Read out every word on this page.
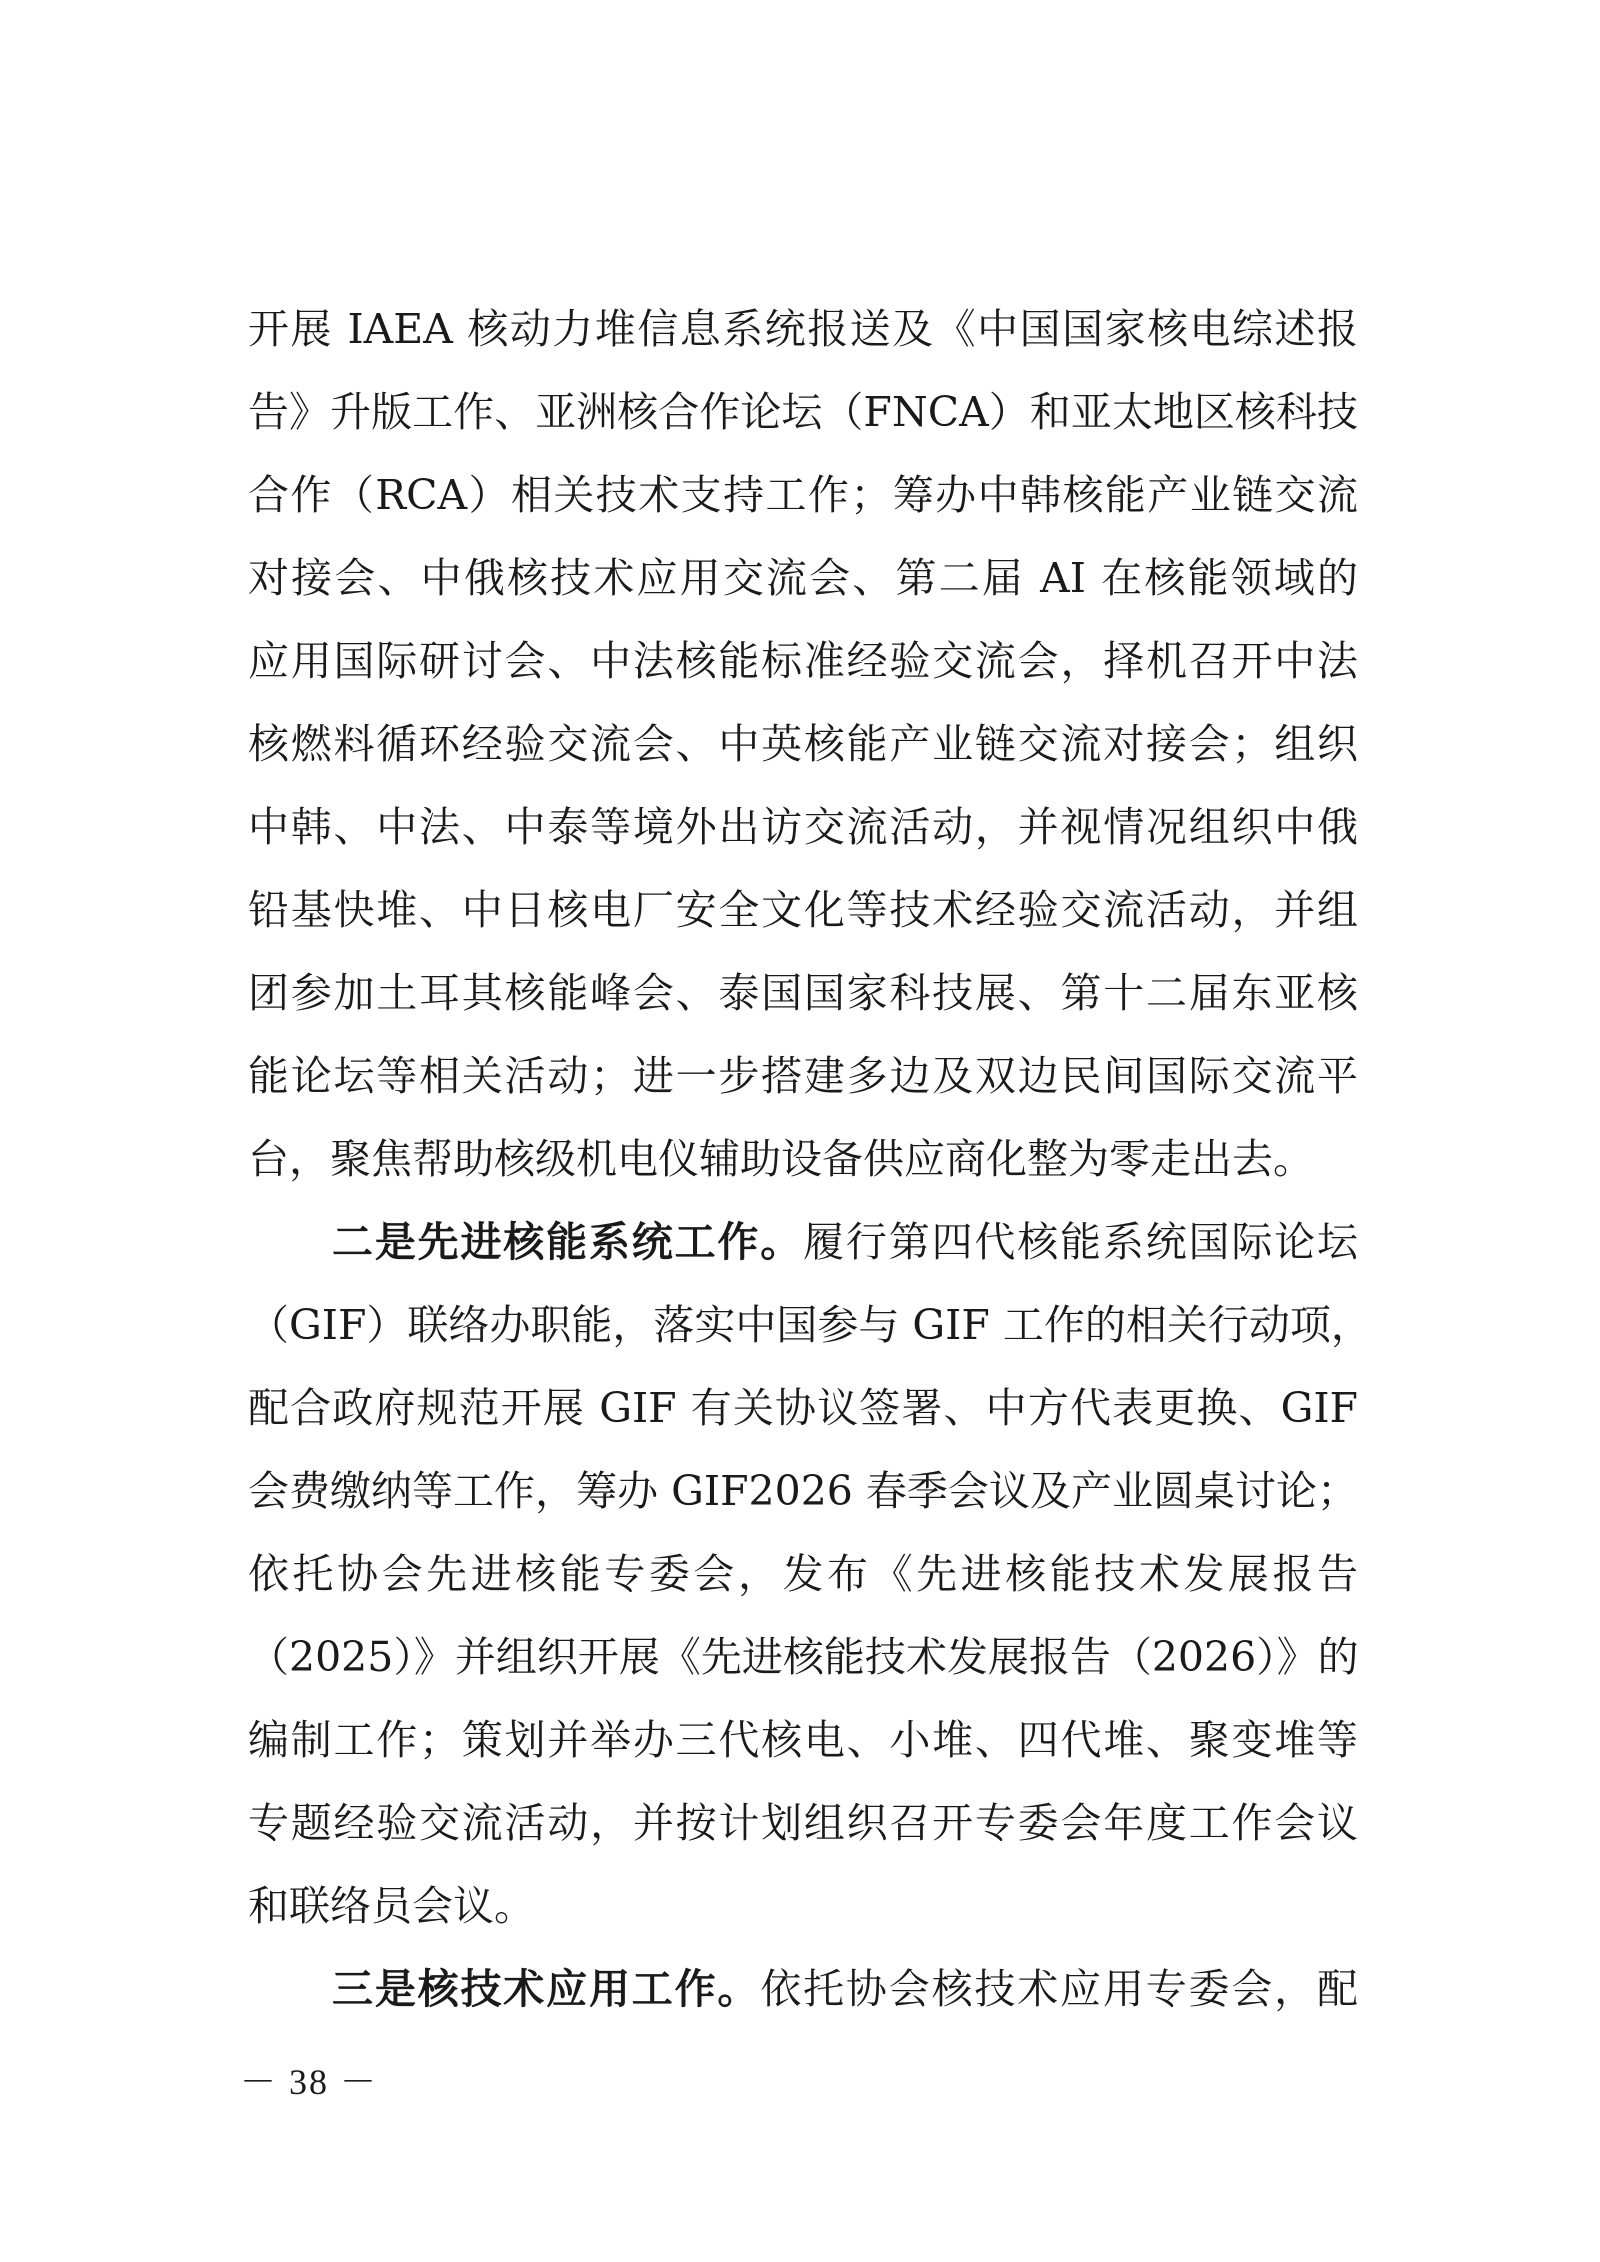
开展 IAEA 核动力堆信息系统报送及《中国国家核电综述报
告》升版工作、亚洲核合作论坛（FNCA）和亚太地区核科技
合作（RCA）相关技术支持工作；筹办中韩核能产业链交流
对接会、中俄核技术应用交流会、第二届 AI 在核能领域的
应用国际研讨会、中法核能标准经验交流会，择机召开中法
核燃料循环经验交流会、中英核能产业链交流对接会；组织
中韩、中法、中泰等境外出访交流活动，并视情况组织中俄
铅基快堆、中日核电厂安全文化等技术经验交流活动，并组
团参加土耳其核能峰会、泰国国家科技展、第十二届东亚核
能论坛等相关活动；进一步搭建多边及双边民间国际交流平
台，聚焦帮助核级机电仪辅助设备供应商化整为零走出去。
二是先进核能系统工作。履行第四代核能系统国际论坛
（GIF）联络办职能，落实中国参与 GIF 工作的相关行动项，
配合政府规范开展 GIF 有关协议签署、中方代表更换、GIF
会费缴纳等工作，筹办 GIF2026 春季会议及产业圆桌讨论；
依托协会先进核能专委会，发布《先进核能技术发展报告
（2025）》并组织开展《先进核能技术发展报告（2026）》的
编制工作；策划并举办三代核电、小堆、四代堆、聚变堆等
专题经验交流活动，并按计划组织召开专委会年度工作会议
和联络员会议。
三是核技术应用工作。依托协会核技术应用专委会，配
－ 38 －
